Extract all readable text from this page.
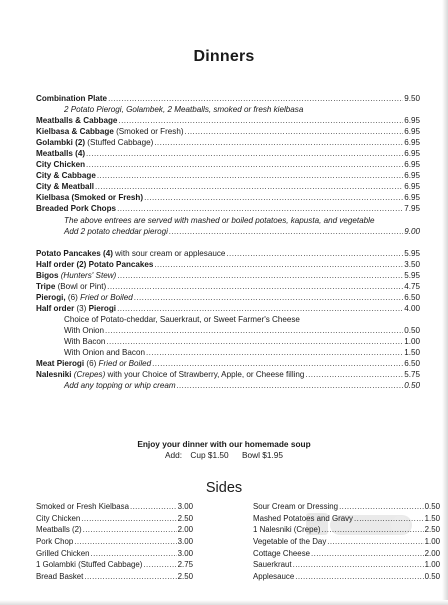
Dinners
Combination Plate .....	9.50
2 Potato Pierogi, Golambek, 2 Meatballs, smoked or fresh kielbasa
Meatballs & Cabbage .....	6.95
Kielbasa & Cabbage (Smoked or Fresh) .....	6.95
Golambki (2) (Stuffed Cabbage) .....	6.95
Meatballs (4) .....	6.95
City Chicken .....	6.95
City & Cabbage .....	6.95
City & Meatball .....	6.95
Kielbasa (Smoked or Fresh) .....	6.95
Breaded Pork Chops .....	7.95
The above entrees are served with mashed or boiled potatoes, kapusta, and vegetable
Add 2 potato cheddar pierogi .....	9.00
Potato Pancakes (4) with sour cream or applesauce .....	5.95
Half order (2) Potato Pancakes .....	3.50
Bigos (Hunters' Stew) .....	5.95
Tripe (Bowl or Pint) .....	4.75
Pierogi, (6) Fried or Boiled .....	6.50
Half order (3) Pierogi .....	4.00
Choice of Potato-cheddar, Sauerkraut, or Sweet Farmer's Cheese
With Onion .....	0.50
With Bacon .....	1.00
With Onion and Bacon .....	1.50
Meat Pierogi (6) Fried or Boiled .....	6.50
Nalesniki (Crepes) with your Choice of Strawberry, Apple, or Cheese filling .....	5.75
Add any topping or whip cream .....	0.50
Enjoy your dinner with our homemade soup
Add: Cup $1.50 Bowl $1.95
Sides
Smoked or Fresh Kielbasa .....	3.00
City Chicken .....	2.50
Meatballs (2) .....	2.00
Pork Chop .....	3.00
Grilled Chicken .....	3.00
1 Golambki (Stuffed Cabbage) .....	2.75
Bread Basket .....	2.50
Sour Cream or Dressing .....	0.50
Mashed Potatoes and Gravy .....	1.50
1 Nalesniki (Crepe) .....	2.50
Vegetable of the Day .....	1.00
Cottage Cheese .....	2.00
Sauerkraut .....	1.00
Applesauce .....	0.50
